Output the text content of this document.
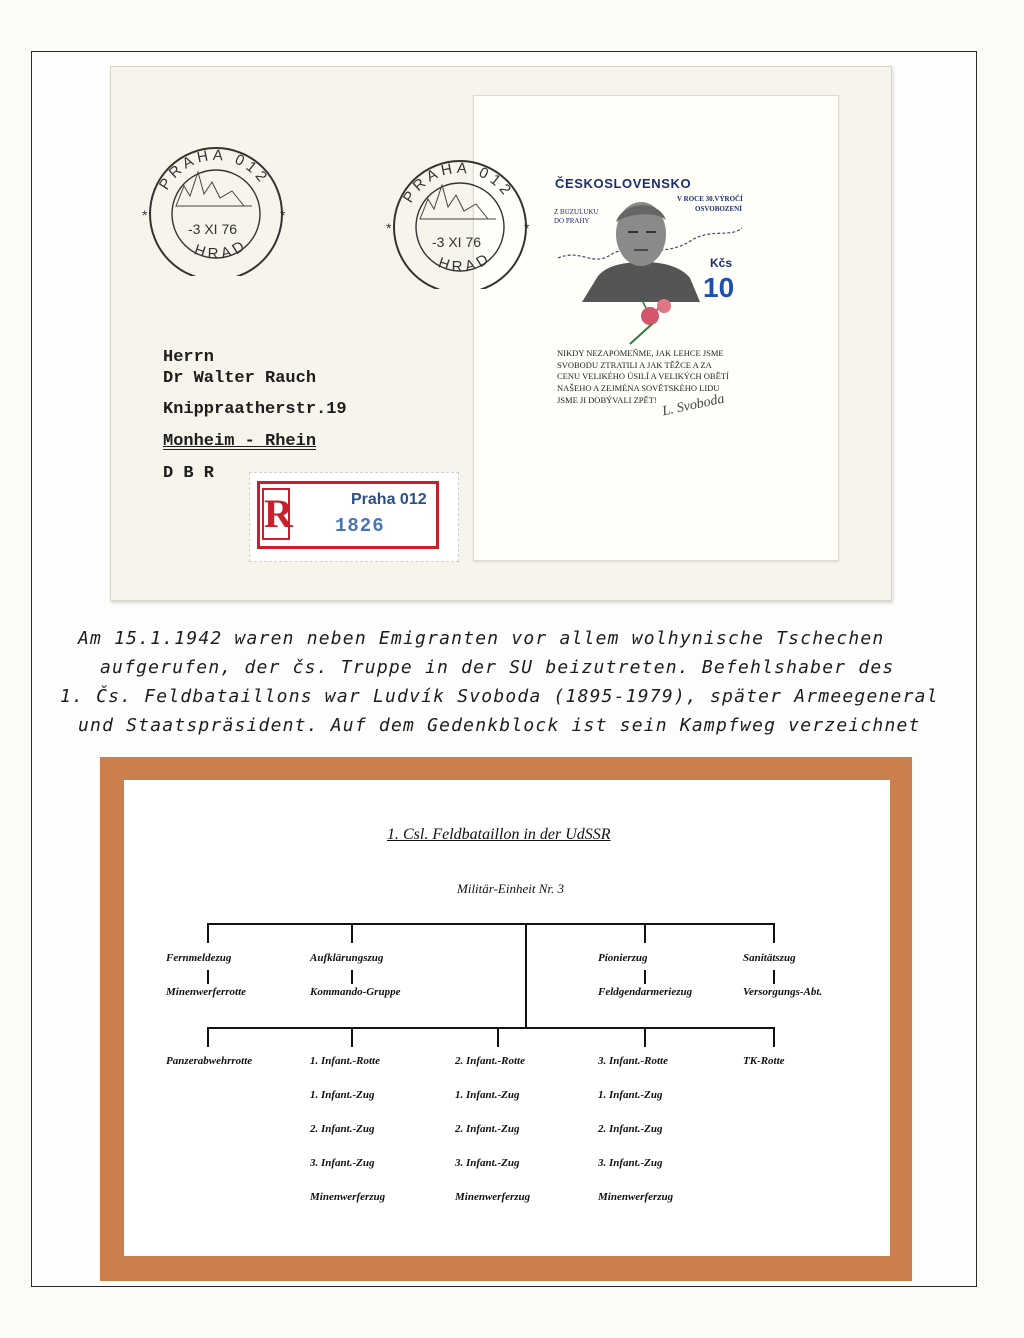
PRAHA 012
HRAD
-3 XI 76
*	*
PRAHA 012
HRAD
-3 XI 76
*	*
Herrn
Dr Walter Rauch
Knippraatherstr.19
Monheim - Rhein
D B R
R	Praha 012
1826
ČESKOSLOVENSKO
Z BUZULUKU
DO PRAHY
V ROCE 30.VÝROČÍ
OSVOBOZENÍ
Kčs
10
NIKDY NEZAPOMEŇME, JAK LEHCE JSME
SVOBODU ZTRATILI A JAK TĚŽCE A ZA
CENU VELIKÉHO ÚSILÍ A VELIKÝCH OBĚTÍ
NAŠEHO A ZEJMÉNA SOVĚTSKÉHO LIDU
JSME JI DOBÝVALI ZPĚT! L. Svoboda
Am 15.1.1942 waren neben Emigranten vor allem wolhynische Tschechen
aufgerufen, der čs. Truppe in der SU beizutreten. Befehlshaber des
1. Čs. Feldbataillons war Ludvík Svoboda (1895-1979), später Armeegeneral
und Staatspräsident. Auf dem Gedenkblock ist sein Kampfweg verzeichnet
1. Csl. Feldbataillon in der UdSSR
Militär-Einheit Nr. 3
Fernmeldezug
Minenwerferrotte
Aufklärungszug
Kommando-Gruppe
Pionierzug
Feldgendarmeriezug
Sanitätszug
Versorgungs-Abt.
Panzerabwehrrotte	1. Infant.-Rotte
1. Infant.-Zug
2. Infant.-Zug
3. Infant.-Zug
Minenwerferzug
2. Infant.-Rotte
1. Infant.-Zug
2. Infant.-Zug
3. Infant.-Zug
Minenwerferzug
3. Infant.-Rotte
1. Infant.-Zug
2. Infant.-Zug
3. Infant.-Zug
Minenwerferzug
TK-Rotte
